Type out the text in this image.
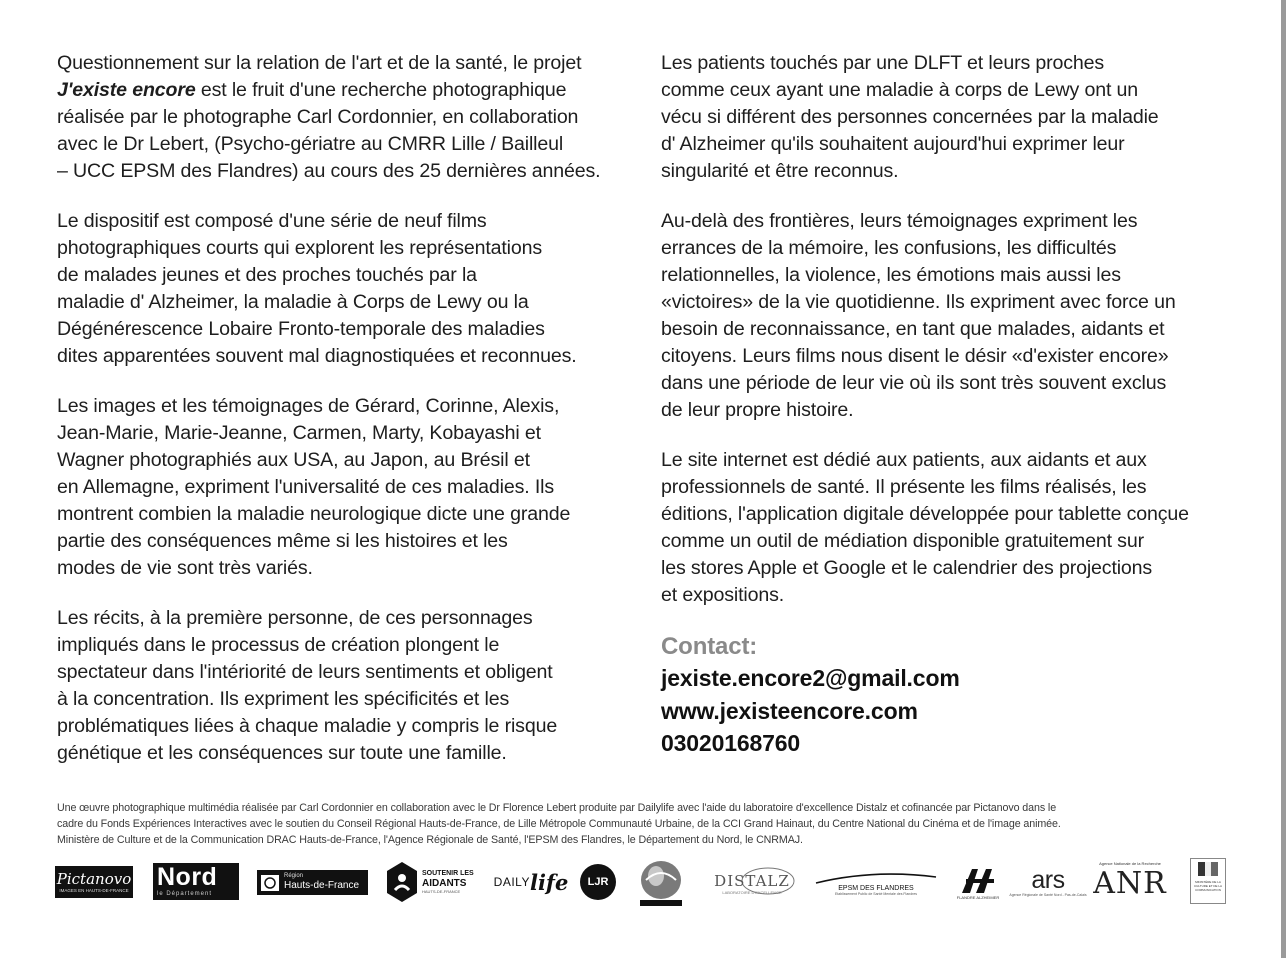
Questionnement sur la relation de l'art et de la santé, le projet
J'existe encore est le fruit d'une recherche photographique
réalisée par le photographe Carl Cordonnier, en collaboration
avec le Dr Lebert, (Psycho-gériatre au CMRR Lille / Bailleul
– UCC EPSM des Flandres) au cours des 25 dernières années.

Le dispositif est composé d'une série de neuf films
photographiques courts qui explorent les représentations
de malades jeunes et des proches touchés par la
maladie d' Alzheimer, la maladie à Corps de Lewy ou la
Dégénérescence Lobaire Fronto-temporale des maladies
dites apparentées souvent mal diagnostiquées et reconnues.

Les images et les témoignages de Gérard, Corinne, Alexis,
Jean-Marie, Marie-Jeanne, Carmen, Marty, Kobayashi et
Wagner photographiés aux USA, au Japon, au Brésil et
en Allemagne, expriment l'universalité de ces maladies. Ils
montrent combien la maladie neurologique dicte une grande
partie des conséquences même si les histoires et les
modes de vie sont très variés.

Les récits, à la première personne, de ces personnages
impliqués dans le processus de création plongent le
spectateur dans l'intériorité de leurs sentiments et obligent
à la concentration. Ils expriment les spécificités et les
problématiques liées à chaque maladie y compris le risque
génétique et les conséquences sur toute une famille.

Les patients touchés par une DLFT et leurs proches
comme ceux ayant une maladie à corps de Lewy ont un
vécu si différent des personnes concernées par la maladie
d' Alzheimer qu'ils souhaitent aujourd'hui exprimer leur
singularité et être reconnus.

Au-delà des frontières, leurs témoignages expriment les
errances de la mémoire, les confusions, les difficultés
relationnelles, la violence, les émotions mais aussi les
«victoires» de la vie quotidienne. Ils expriment avec force un
besoin de reconnaissance, en tant que malades, aidants et
citoyens. Leurs films nous disent le désir «d'exister encore»
dans une période de leur vie où ils sont très souvent exclus
de leur propre histoire.

Le site internet est dédié aux patients, aux aidants et aux
professionnels de santé. Il présente les films réalisés, les
éditions, l'application digitale développée pour tablette conçue
comme un outil de médiation disponible gratuitement sur
les stores Apple et Google et le calendrier des projections
et expositions.

Contact:
jexiste.encore2@gmail.com
www.jexisteencore.com
03020168760
Une œuvre photographique multimédia réalisée par Carl Cordonnier en collaboration avec le Dr Florence Lebert produite par Dailylife avec l'aide du laboratoire d'excellence Distalz et cofinancée par Pictanovo dans le
cadre du Fonds Expériences Interactives avec le soutien du Conseil Régional Hauts-de-France, de Lille Métropole Communauté Urbaine, de la CCI Grand Hainaut, du Centre National du Cinéma et de l'image animée.
Ministère de Culture et de la Communication DRAC Hauts-de-France, l'Agence Régionale de Santé, l'EPSM des Flandres, le Département du Nord, le CNRMAJ.
Pictanovo
IMAGES EN HAUTS-DE-FRANCE Nord
le Département
Région
Hauts-de-France
SOUTENIR LES
AIDANTS
HAUTS-DE-FRANCE
DAILY life LJR	DISTALZ
LABORATOIRE D'EXCELLENCE
EPSM DES FLANDRES
Etablissement Public de Santé Mentale des Flandres
FLANDRE ALZHEIMER
ars
Agence Régionale de Santé Nord - Pas-de-Calais
Agence Nationale de la Recherche
ANR	MINISTÈRE DE LA CULTURE ET DE LA COMMUNICATION
